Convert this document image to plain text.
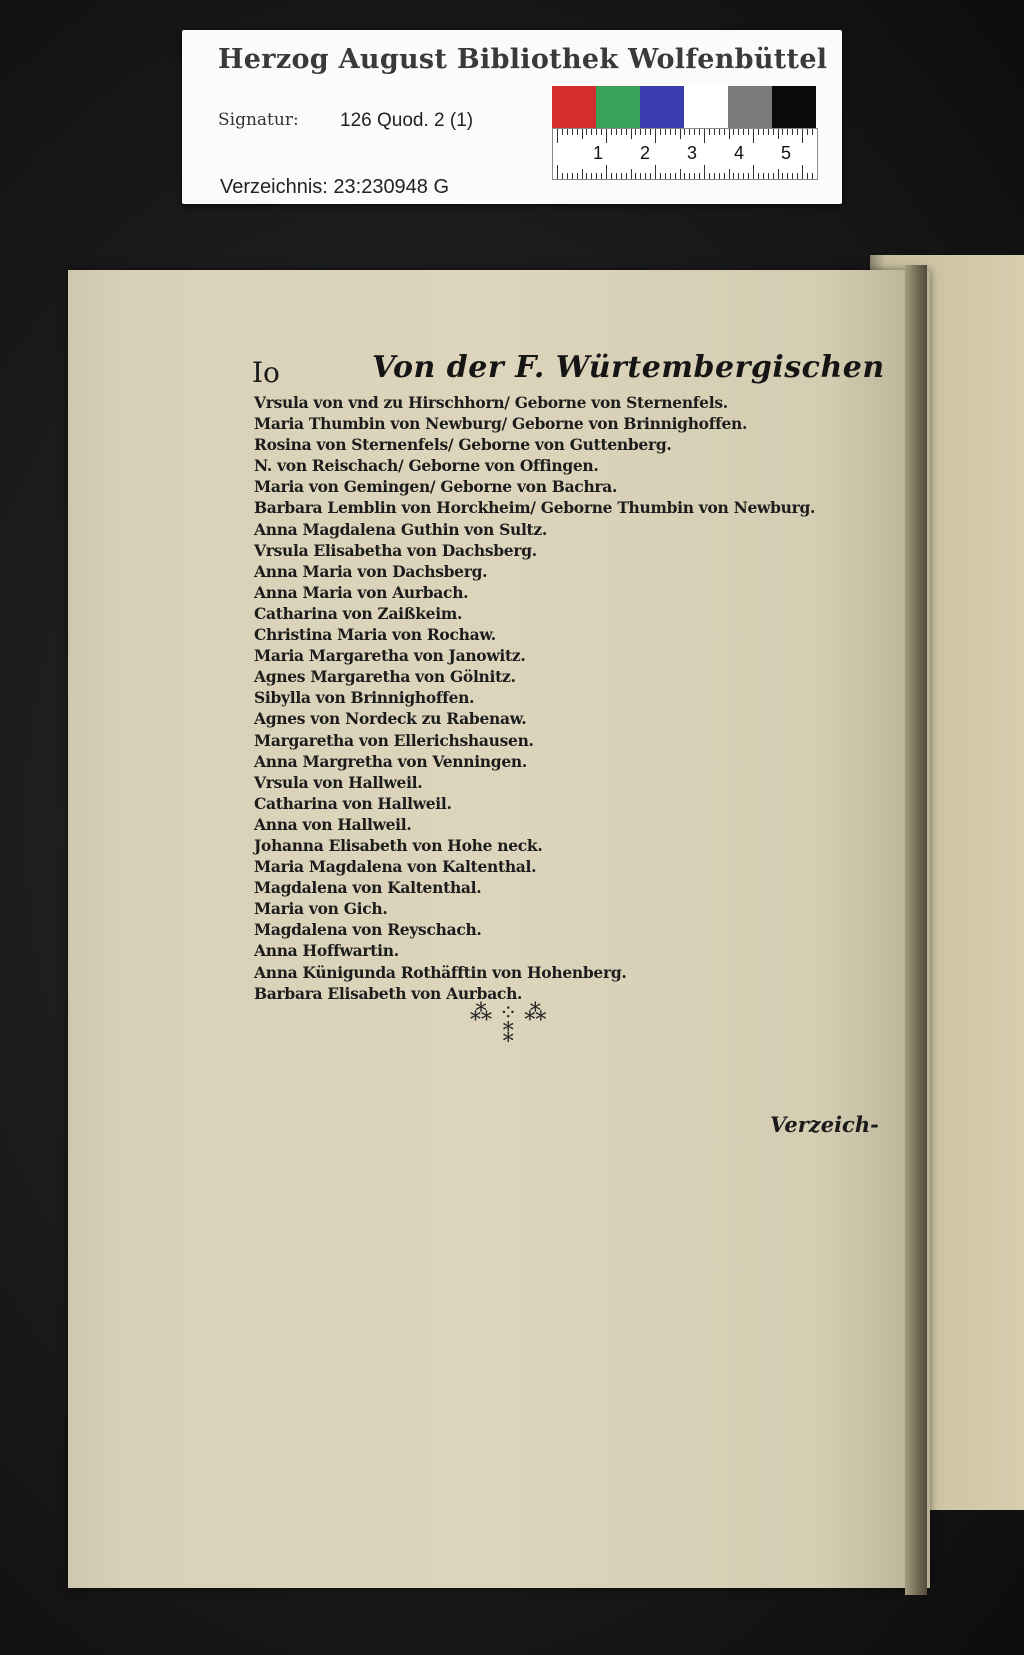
Herzog August Bibliothek Wolfenbüttel
Signatur: 126 Quod. 2 (1)
Verzeichnis: 23:230948 G
1 2 3 4 5
Io	Von der F. Würtembergischen
Vrsula von vnd zu Hirschhorn/ Geborne von Sternenfels.
Maria Thumbin von Newburg/ Geborne von Brinnighoffen.
Rosina von Sternenfels/ Geborne von Guttenberg.
N. von Reischach/ Geborne von Offingen.
Maria von Gemingen/ Geborne von Bachra.
Barbara Lemblin von Horckheim/ Geborne Thumbin von Newburg.
Anna Magdalena Guthin von Sultz.
Vrsula Elisabetha von Dachsberg.
Anna Maria von Dachsberg.
Anna Maria von Aurbach.
Catharina von Zaißkeim.
Christina Maria von Rochaw.
Maria Margaretha von Janowitz.
Agnes Margaretha von Gölnitz.
Sibylla von Brinnighoffen.
Agnes von Nordeck zu Rabenaw.
Margaretha von Ellerichshausen.
Anna Margretha von Venningen.
Vrsula von Hallweil.
Catharina von Hallweil.
Anna von Hallweil.
Johanna Elisabeth von Hohe neck.
Maria Magdalena von Kaltenthal.
Magdalena von Kaltenthal.
Maria von Gich.
Magdalena von Reyschach.
Anna Hoffwartin.
Anna Künigunda Rothäfftin von Hohenberg.
Barbara Elisabeth von Aurbach.
⁂ ⁘ ⁂
⁑
Verzeich-
